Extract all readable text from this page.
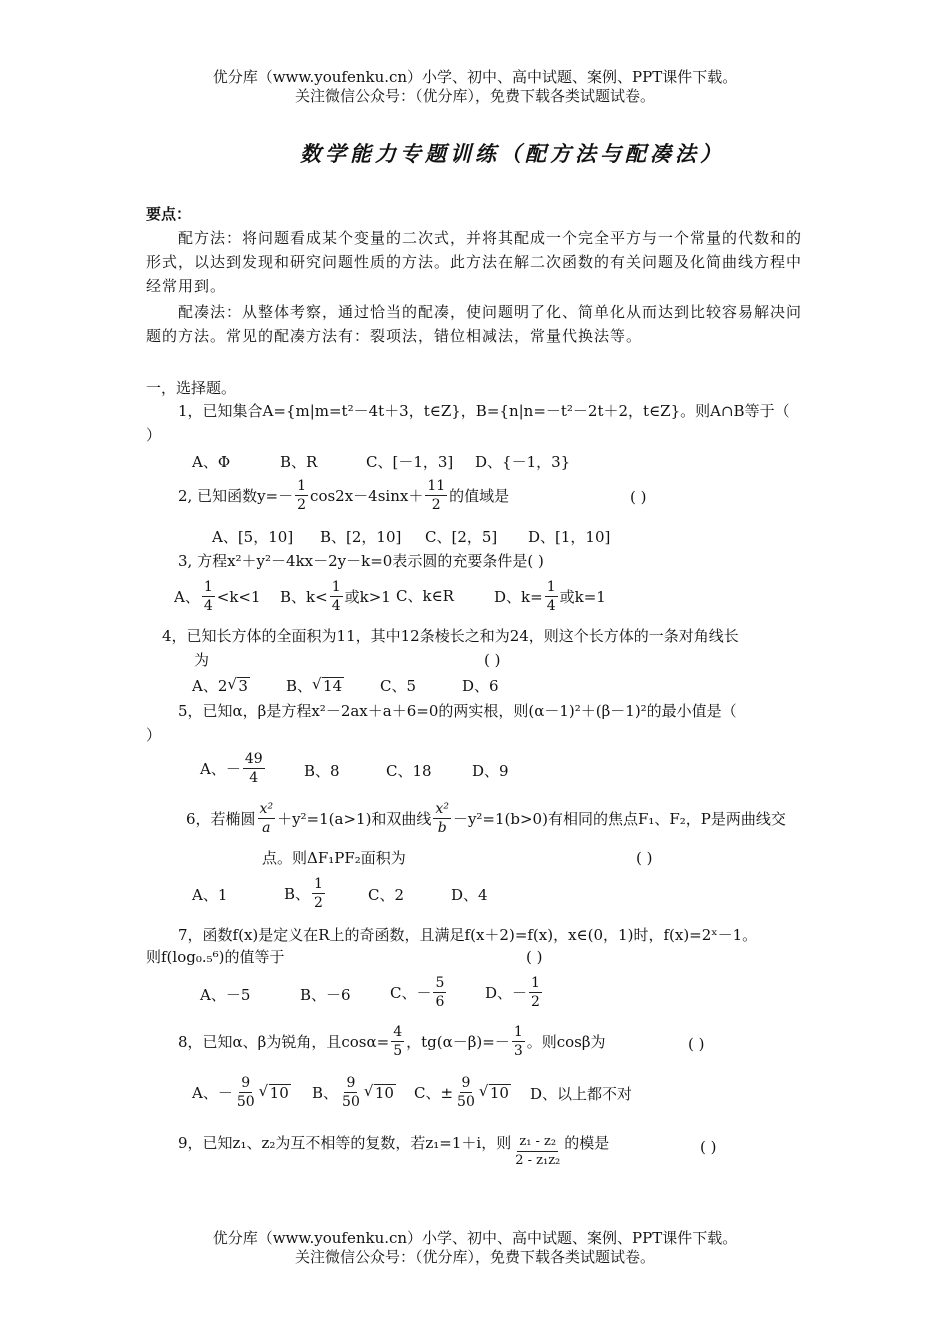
优分库（www.youfenku.cn）小学、初中、高中试题、案例、PPT课件下载。
关注微信公众号：（优分库），免费下载各类试题试卷。
数学能力专题训练（配方法与配凑法）
要点：
配方法：将问题看成某个变量的二次式，并将其配成一个完全平方与一个常量的代数和的形式，以达到发现和研究问题性质的方法。此方法在解二次函数的有关问题及化简曲线方程中经常用到。
配凑法：从整体考察，通过恰当的配凑，使问题明了化、简单化从而达到比较容易解决问题的方法。常见的配凑方法有：裂项法，错位相减法，常量代换法等。
一，选择题。
1，已知集合A={m|m=t²－4t＋3，t∈Z}，B={n|n=－t²－2t＋2，t∈Z}。则A∩B等于（
）
A、Φ	B、R	C、[－1，3] D、{－1，3}
2, 已知函数$y=- \frac{1}{2} \cos 2x-4\sin x+ \frac{11}{2}$ 的值域是	( )
A、[5，10] B、[2，10] C、[2，5] D、[1，10]
3, 方程x²＋y²－4kx－2y－k=0表示圆的充要条件是( )
A、 $\frac{1}{4} <k<1$ B、$k< \frac{1}{4}$ 或k>1 C、k∈R	D、$k= \frac{1}{4}$ 或k=1
4，已知长方体的全面积为11，其中12条棱长之和为24，则这个长方体的一条对角线长
为	( )
A、2 √ 3	B、 √ 14	C、5	D、6
5，已知α，β是方程x²－2ax＋a＋6=0的两实根，则(α－1)²＋(β－1)²的最小值是（
）
A、－ $\frac{49}{4}$	B、8	C、18	D、9
6，若椭圆 $\frac{\text{x²}}{a} +y^2=1(a>1)$和双曲线 $\frac{\text{x²}}{b} -y^2=1(b>0)$有相同的焦点F₁、F₂，P是两曲线交
点。则ΔF₁PF₂面积为	( )
A、1	B、 $\frac{1}{2}$	C、2	D、4
7，函数f(x)是定义在R上的奇函数，且满足f(x＋2)=f(x)，x∈(0，1)时，f(x)=2ˣ－1。
则f(log₀.₅⁶)的值等于	( )
A、－5	B、－6	C、－ $\frac{5}{6}$	D、－ $\frac{1}{2}$
8，已知α、β为锐角，且$\cos\alpha= \frac{4}{5}$ ，$tg(\alpha-\beta)=- \frac{1}{3}$ 。则cosβ为	( )
A、－ $\frac{9}{50}$ √ 10 B、 $\frac{9}{50}$ √ 10 C、± $\frac{9}{50}$ √ 10 D、以上都不对
9，已知z₁、z₂为互不相等的复数，若z₁=1＋i，则 $\frac{\text{z₁ - z₂}}{\text{2 - z₁z₂}}$ 的模是	( )
优分库（www.youfenku.cn）小学、初中、高中试题、案例、PPT课件下载。
关注微信公众号：（优分库），免费下载各类试题试卷。
